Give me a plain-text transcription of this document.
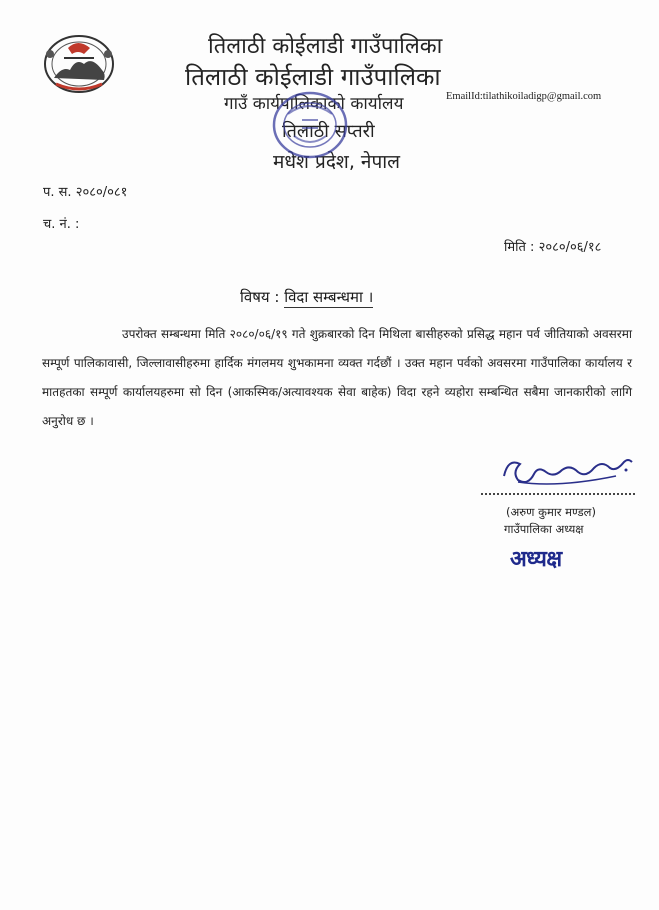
तिलाठी कोईलाडी गाउँपालिका
तिलाठी कोईलाडी गाउँपालिका
गाउँ कार्यपालिकाको कार्यालय	EmailId:tilathikoiladigp@gmail.com
तिलाठी सप्तरी
मधेश प्रदेश, नेपाल
प. स. २०८०/०८१
च. नं. :
मिति : २०८०/०६/१८
विषय : विदा सम्बन्धमा ।
उपरोक्त सम्बन्धमा मिति २०८०/०६/१९ गते शुक्रबारको दिन मिथिला बासीहरुको प्रसिद्ध महान पर्व जीतियाको अवसरमा सम्पूर्ण पालिकावासी, जिल्लावासीहरुमा हार्दिक मंगलमय शुभकामना व्यक्त गर्दछौं । उक्त महान पर्वको अवसरमा गाउँपालिका कार्यालय र मातहतका सम्पूर्ण कार्यालयहरुमा सो दिन (आकस्मिक/अत्यावश्यक सेवा बाहेक) विदा रहने व्यहोरा सम्बन्धित सबैमा जानकारीको लागि अनुरोध छ ।
(अरुण कुमार मण्डल)
गाउँपालिका अध्यक्ष
अध्यक्ष
